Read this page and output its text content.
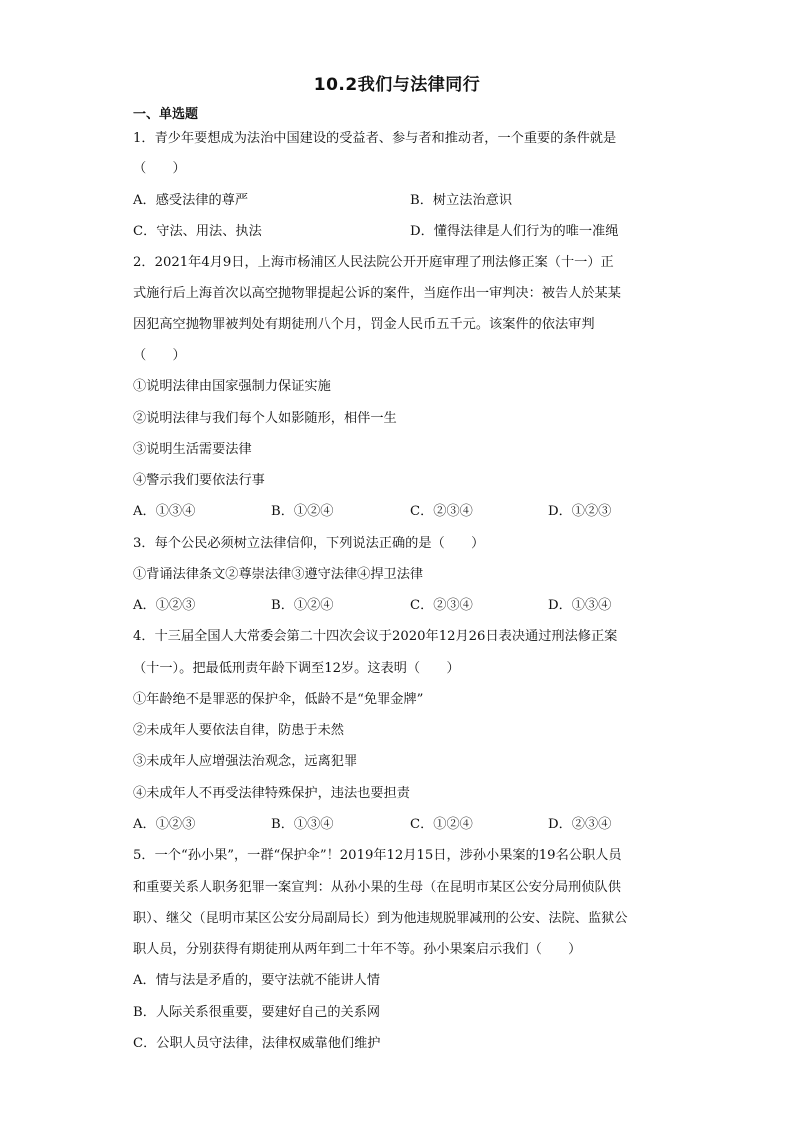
10.2我们与法律同行
一、单选题
1．青少年要想成为法治中国建设的受益者、参与者和推动者，一个重要的条件就是
（　　）
A．感受法律的尊严	B．树立法治意识
C．守法、用法、执法	D．懂得法律是人们行为的唯一准绳
2．2021年4月9日，上海市杨浦区人民法院公开开庭审理了刑法修正案（十一）正
式施行后上海首次以高空抛物罪提起公诉的案件，当庭作出一审判决：被告人於某某
因犯高空抛物罪被判处有期徒刑八个月，罚金人民币五千元。该案件的依法审判
（　　）
①说明法律由国家强制力保证实施
②说明法律与我们每个人如影随形，相伴一生
③说明生活需要法律
④警示我们要依法行事
A．①③④	B．①②④	C．②③④	D．①②③
3．每个公民必须树立法律信仰，下列说法正确的是（　　）
①背诵法律条文②尊崇法律③遵守法律④捍卫法律
A．①②③	B．①②④	C．②③④	D．①③④
4．十三届全国人大常委会第二十四次会议于2020年12月26日表决通过刑法修正案
（十一）。把最低刑责年龄下调至12岁。这表明（　　）
①年龄绝不是罪恶的保护伞，低龄不是“免罪金牌”
②未成年人要依法自律，防患于未然
③未成年人应增强法治观念，远离犯罪
④未成年人不再受法律特殊保护，违法也要担责
A．①②③	B．①③④	C．①②④	D．②③④
5．一个“孙小果”，一群“保护伞”！2019年12月15日，涉孙小果案的19名公职人员
和重要关系人职务犯罪一案宣判：从孙小果的生母（在昆明市某区公安分局刑侦队供
职）、继父（昆明市某区公安分局副局长）到为他违规脱罪减刑的公安、法院、监狱公
职人员，分别获得有期徒刑从两年到二十年不等。孙小果案启示我们（　　）
A．情与法是矛盾的，要守法就不能讲人情
B．人际关系很重要，要建好自己的关系网
C．公职人员守法律，法律权威靠他们维护
